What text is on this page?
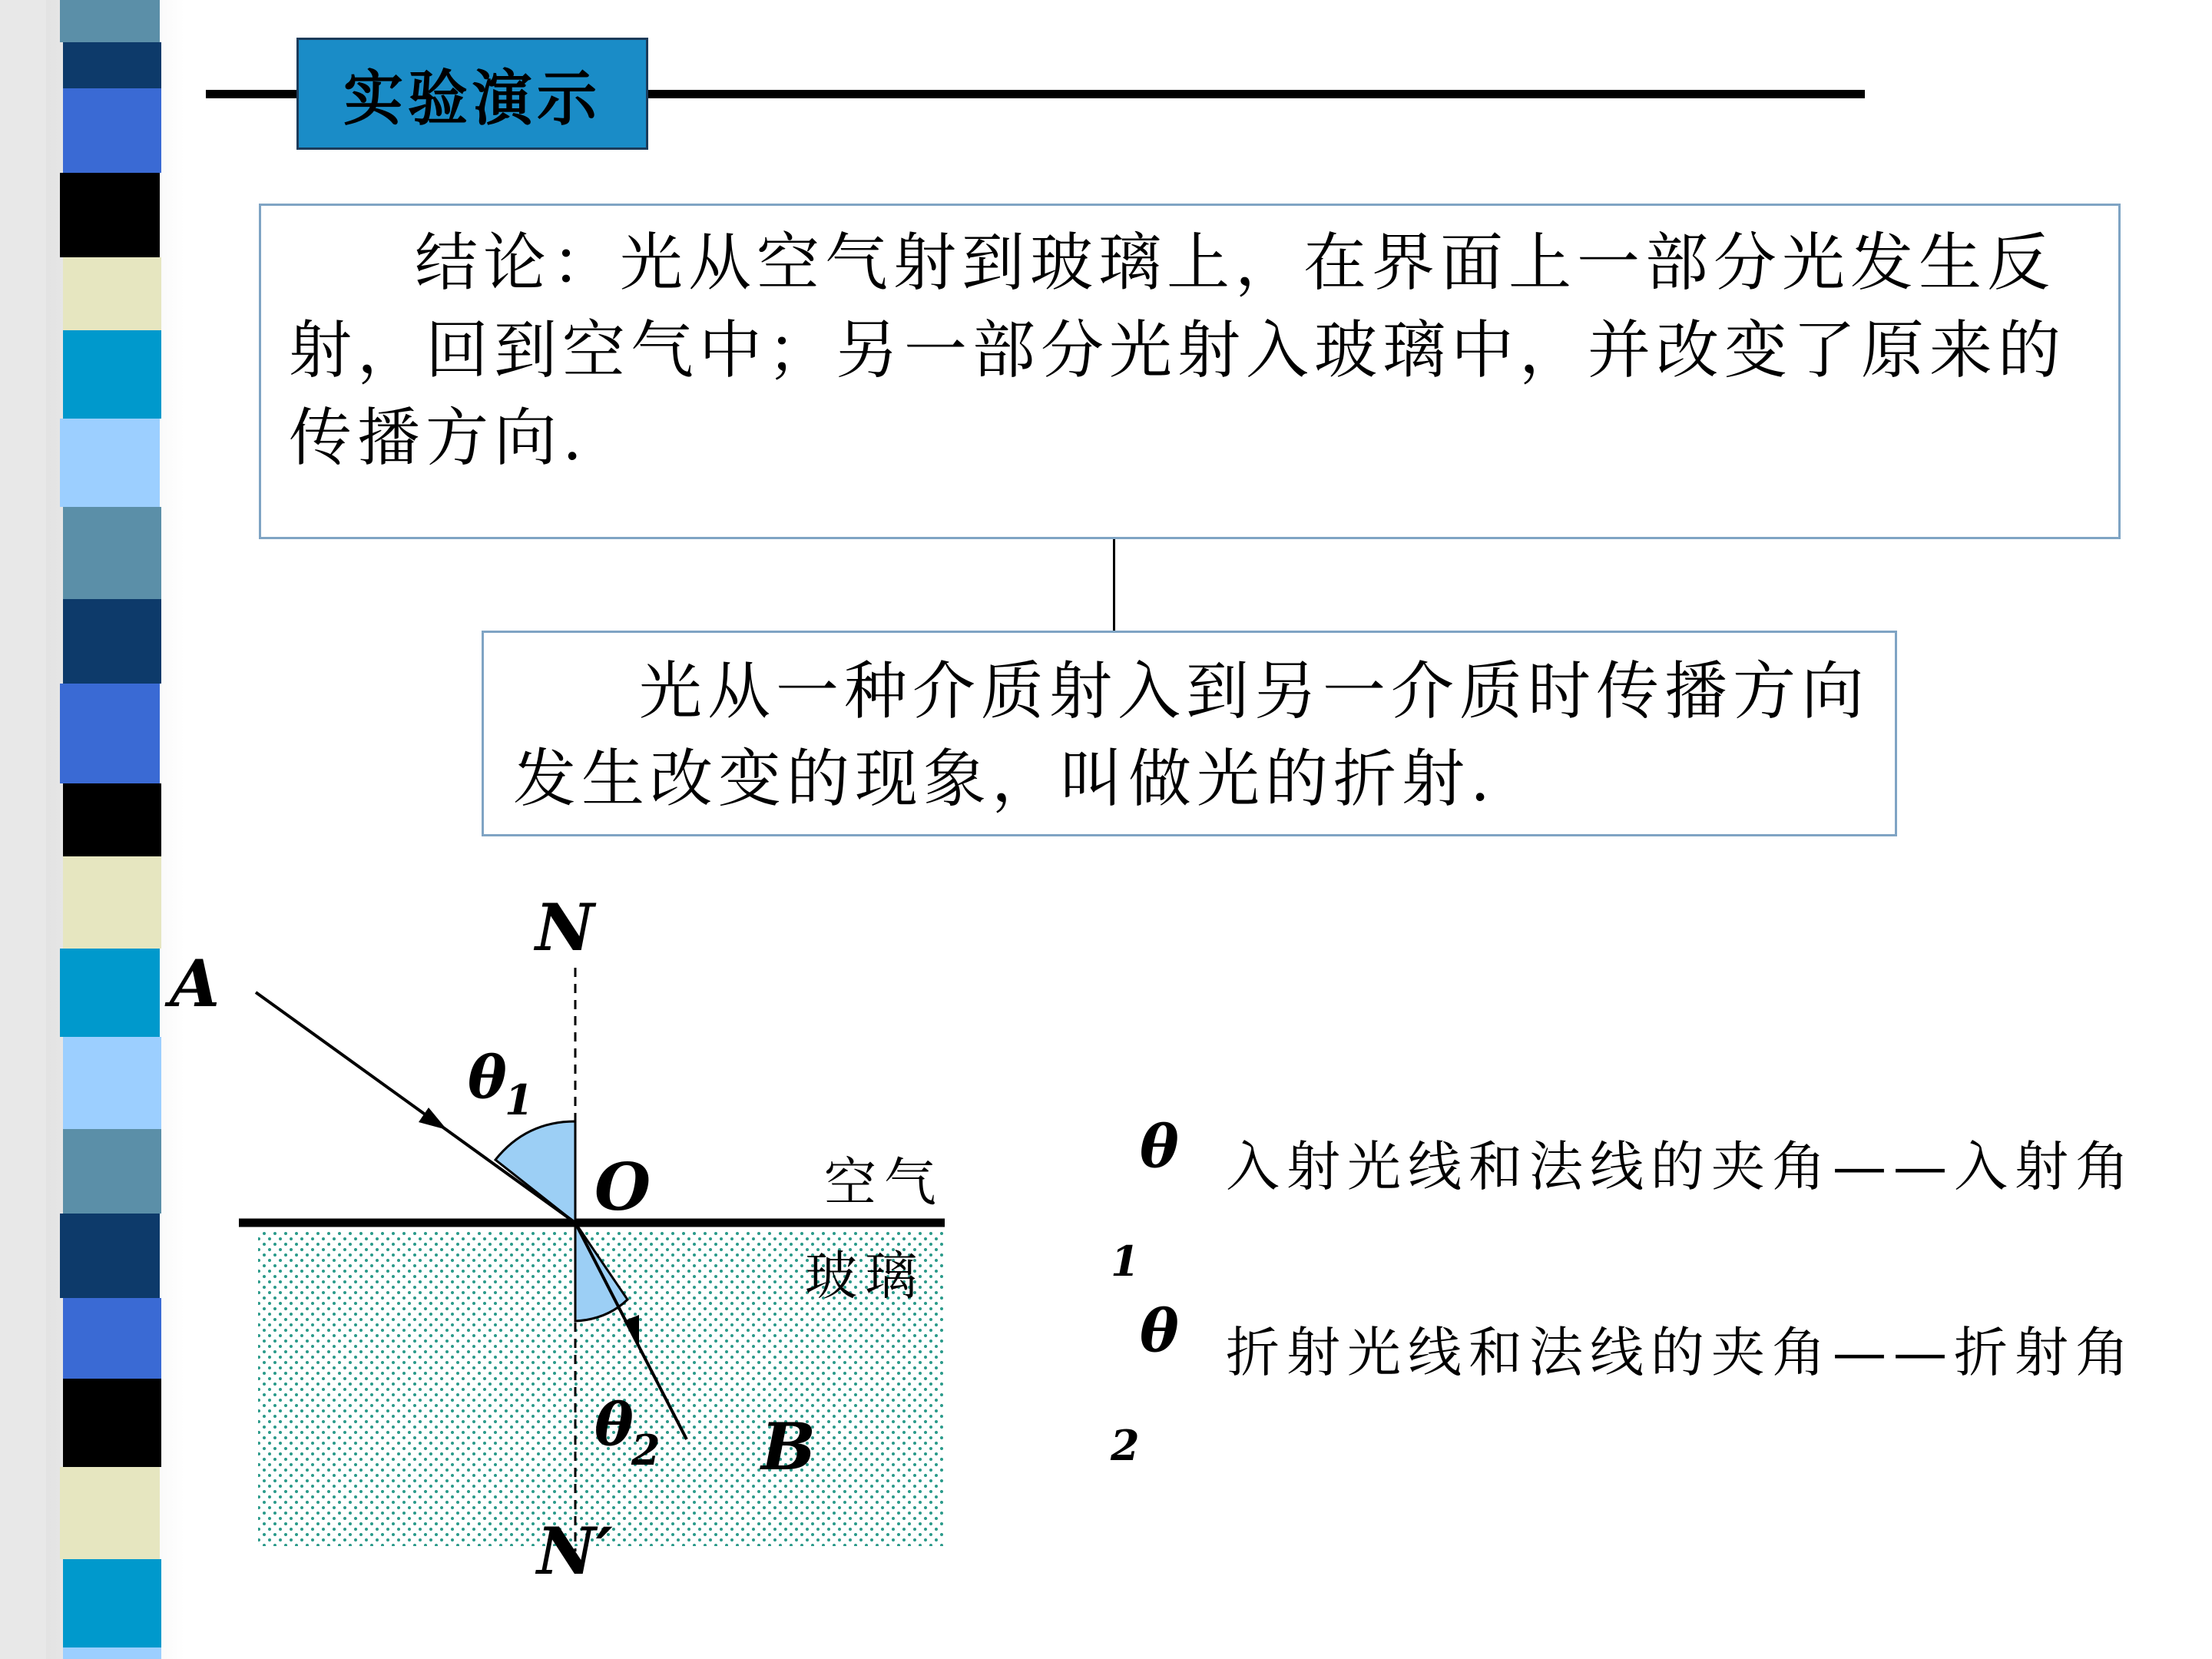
实验演示
结论：光从空气射到玻璃上，在界面上一部分光发生反射，回到空气中；另一部分光射入玻璃中，并改变了原来的传播方向.
光从一种介质射入到另一介质时传播方向发生改变的现象，叫做光的折射.
N
N′
A
B
O
θ
1
θ
2
空气
玻璃
θ
1
入射光线和法线的夹角——入射角
θ
2
折射光线和法线的夹角——折射角
